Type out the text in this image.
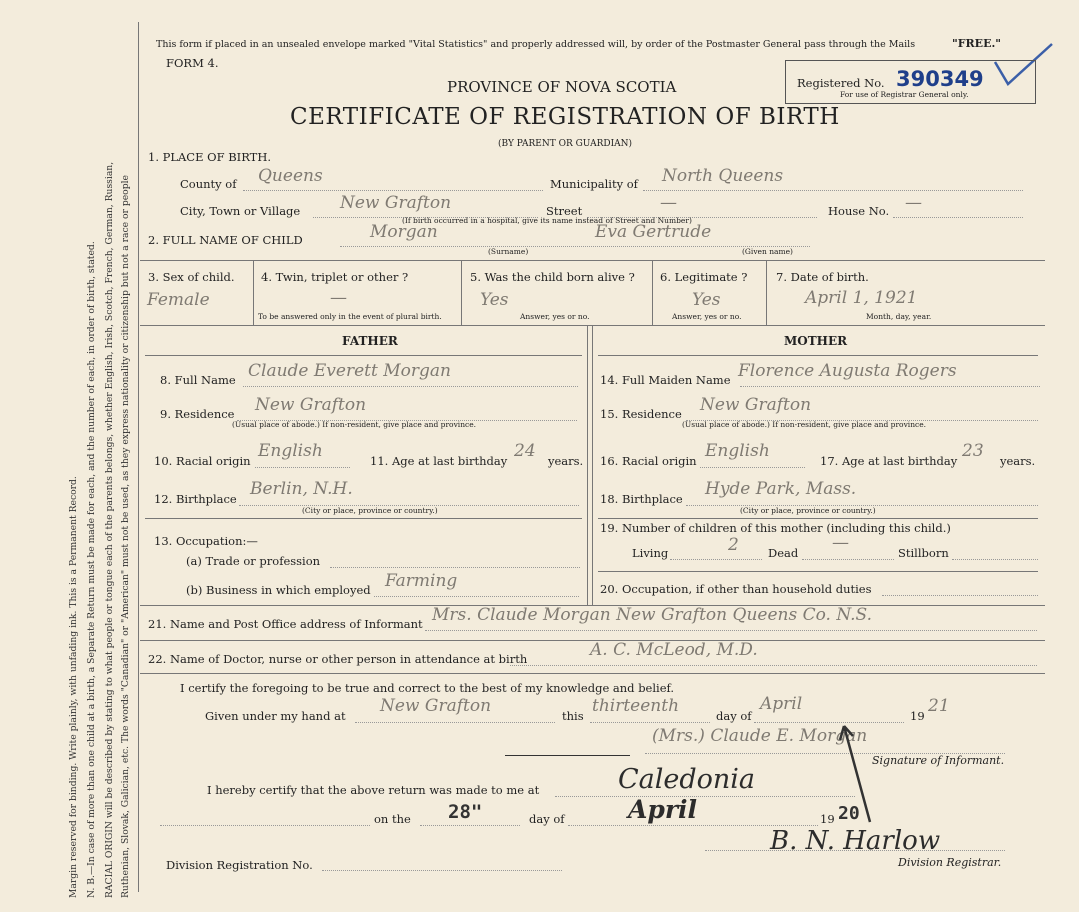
Margin reserved for binding. Write plainly, with unfading ink. This is a Permanent Record. N. B.—In case of more than one child at a birth, a Separate Return must be made for each, and the number of each, in order of birth, stated. RACIAL ORIGIN will be described by stating to what people or tongue each of the parents belongs, whether English, Irish, Scotch, French, German, Russian, Ruthenian, Slovak, Galician, etc. The words "Canadian" or "American" must not be used, as they express nationality or citizenship but not a race or people
This form if placed in an unsealed envelope marked "Vital Statistics" and properly addressed will, by order of the Postmaster General pass through the Mails	"FREE."
FORM 4.
PROVINCE OF NOVA SCOTIA
CERTIFICATE OF REGISTRATION OF BIRTH
(BY PARENT OR GUARDIAN)
Registered No. 390349
For use of Registrar General only.
1. PLACE OF BIRTH.
County of Queens	Municipality of North Queens
City, Town or Village New Grafton	Street	—	House No. —
(If birth occurred in a hospital, give its name instead of Street and Number)
2. FULL NAME OF CHILD	Morgan	Eva Gertrude
(Surname)	(Given name)
3. Sex of child.
Female
4. Twin, triplet or other ?
—
To be answered only in the event of plural birth.
5. Was the child born alive ?
Yes
Answer, yes or no.
6. Legitimate ?
Yes
Answer, yes or no.
7. Date of birth.
April 1, 1921
Month, day, year.
FATHER	MOTHER
8. Full Name Claude Everett Morgan
9. Residence New Grafton
(Usual place of abode.) If non-resident, give place and province.
10. Racial origin English	11. Age at last birthday 24 years.
12. Birthplace Berlin, N.H.
(City or place, province or country.)
13. Occupation:—
(a) Trade or profession
(b) Business in which employed Farming
14. Full Maiden Name Florence Augusta Rogers
15. Residence New Grafton
(Usual place of abode.) If non-resident, give place and province.
16. Racial origin English	17. Age at last birthday 23 years.
18. Birthplace Hyde Park, Mass.
(City or place, province or country.)
19. Number of children of this mother (including this child.)
Living	2	Dead —	Stillborn
20. Occupation, if other than household duties
21. Name and Post Office address of Informant Mrs. Claude Morgan New Grafton Queens Co. N.S.
22. Name of Doctor, nurse or other person in attendance at birth	A. C. McLeod, M.D.
I certify the foregoing to be true and correct to the best of my knowledge and belief.
Given under my hand at New Grafton	this thirteenth	day of
April
19 21
(Mrs.) Claude E. Morgan
Signature of Informant.
I hereby certify that the above return was made to me at	Caledonia
on the 28"	day of	April	19 20
Division Registration No.
B. N. Harlow
Division Registrar.
